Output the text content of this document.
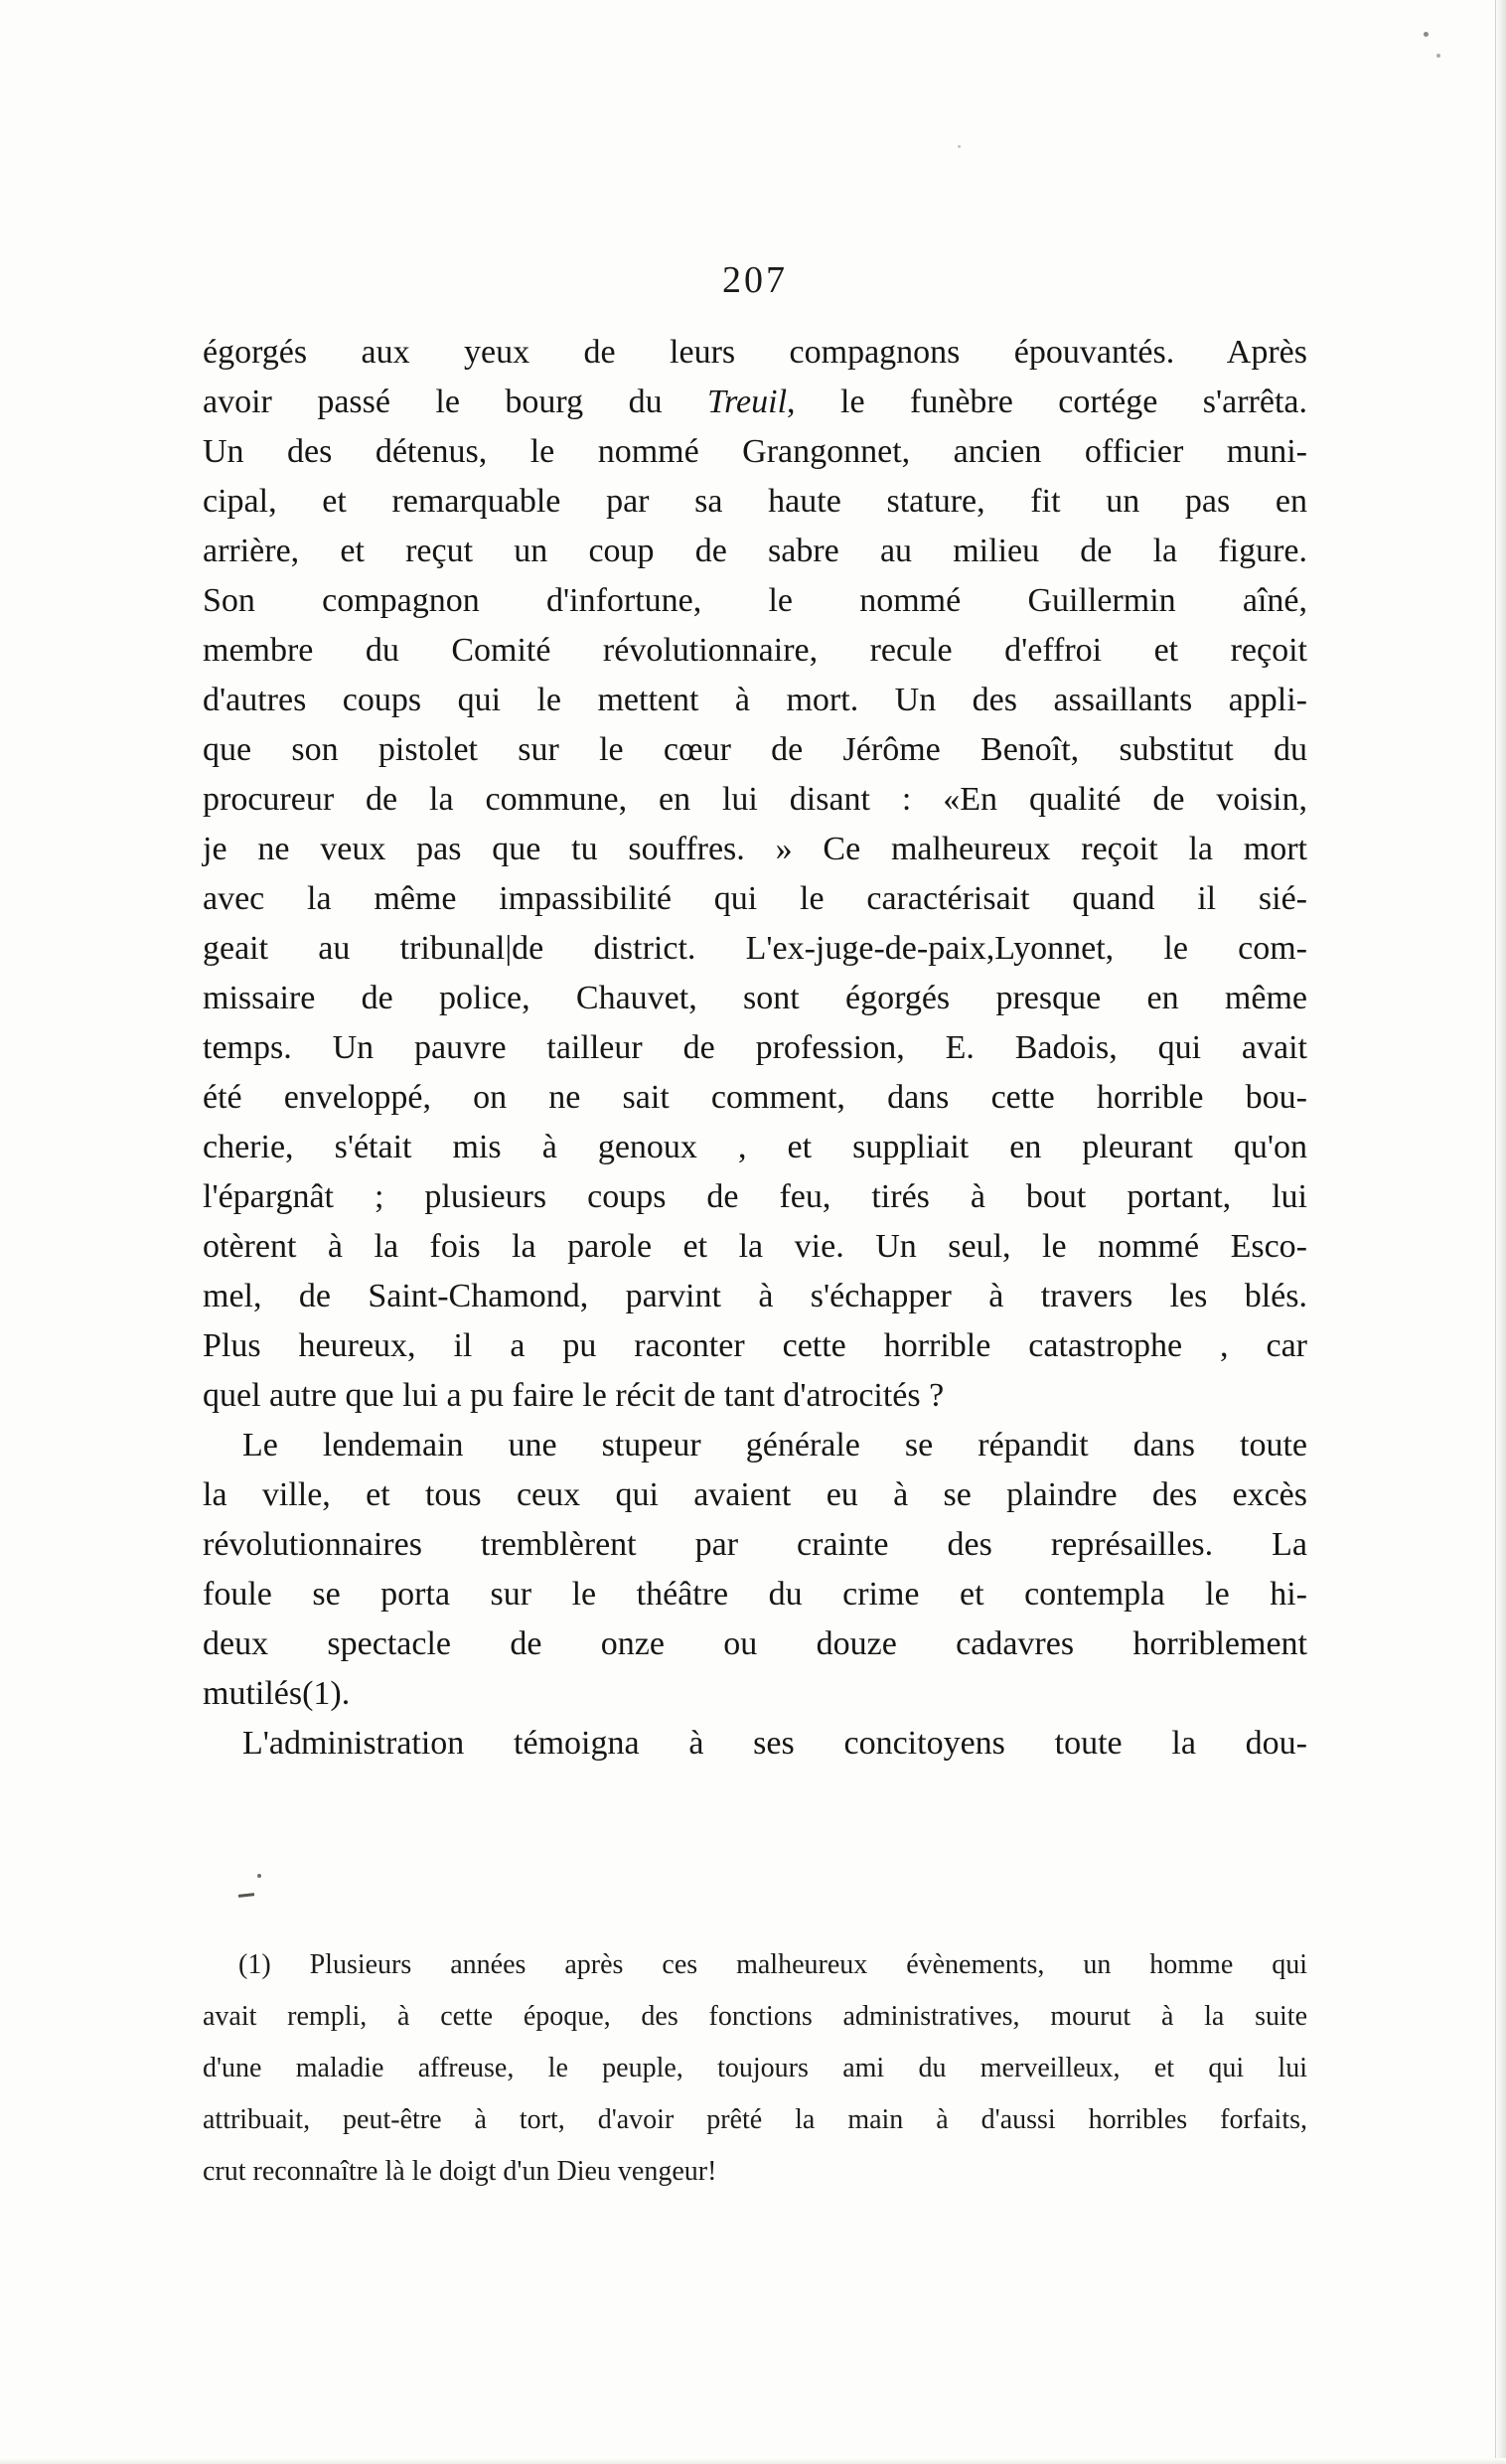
207
égorgés aux yeux de leurs compagnons épouvantés. Après
avoir passé le bourg du Treuil, le funèbre cortége s'arrêta.
Un des détenus, le nommé Grangonnet, ancien officier muni-
cipal, et remarquable par sa haute stature, fit un pas en
arrière, et reçut un coup de sabre au milieu de la figure.
Son compagnon d'infortune, le nommé Guillermin aîné,
membre du Comité révolutionnaire, recule d'effroi et reçoit
d'autres coups qui le mettent à mort. Un des assaillants appli-
que son pistolet sur le cœur de Jérôme Benoît, substitut du
procureur de la commune, en lui disant : «En qualité de voisin,
je ne veux pas que tu souffres. » Ce malheureux reçoit la mort
avec la même impassibilité qui le caractérisait quand il sié-
geait au tribunal|de district. L'ex-juge-de-paix,Lyonnet, le com-
missaire de police, Chauvet, sont égorgés presque en même
temps. Un pauvre tailleur de profession, E. Badois, qui avait
été enveloppé, on ne sait comment, dans cette horrible bou-
cherie, s'était mis à genoux , et suppliait en pleurant qu'on
l'épargnât ; plusieurs coups de feu, tirés à bout portant, lui
otèrent à la fois la parole et la vie. Un seul, le nommé Esco-
mel, de Saint-Chamond, parvint à s'échapper à travers les blés.
Plus heureux, il a pu raconter cette horrible catastrophe , car
quel autre que lui a pu faire le récit de tant d'atrocités ?
Le lendemain une stupeur générale se répandit dans toute
la ville, et tous ceux qui avaient eu à se plaindre des excès
révolutionnaires tremblèrent par crainte des représailles. La
foule se porta sur le théâtre du crime et contempla le hi-
deux spectacle de onze ou douze cadavres horriblement
mutilés(1).
L'administration témoigna à ses concitoyens toute la dou-
(1) Plusieurs années après ces malheureux évènements, un homme qui
avait rempli, à cette époque, des fonctions administratives, mourut à la suite
d'une maladie affreuse, le peuple, toujours ami du merveilleux, et qui lui
attribuait, peut-être à tort, d'avoir prêté la main à d'aussi horribles forfaits,
crut reconnaître là le doigt d'un Dieu vengeur!
